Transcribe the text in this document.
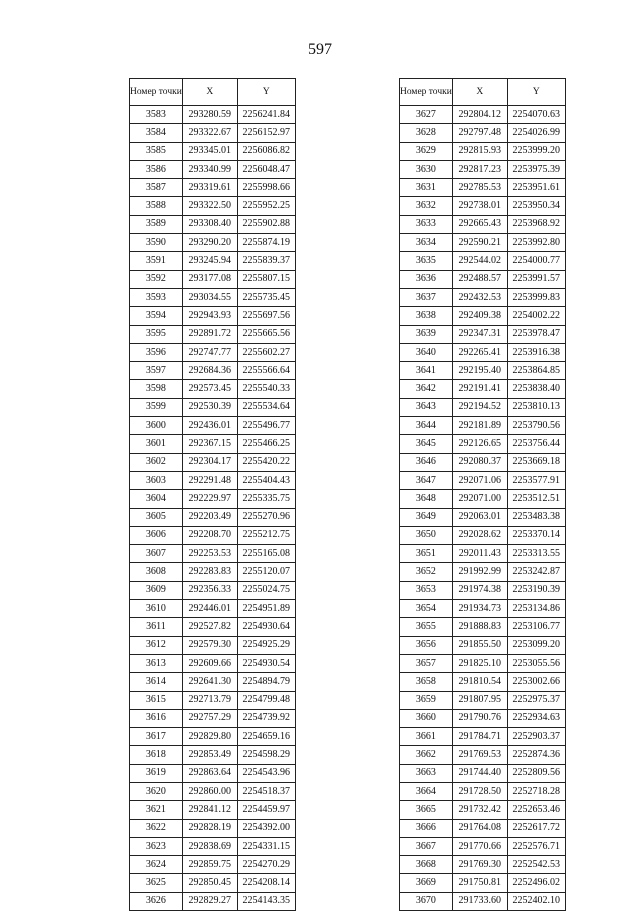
597
Номер точки	X	Y
3583	293280.59	2256241.84
3584	293322.67	2256152.97
3585	293345.01	2256086.82
3586	293340.99	2256048.47
3587	293319.61	2255998.66
3588	293322.50	2255952.25
3589	293308.40	2255902.88
3590	293290.20	2255874.19
3591	293245.94	2255839.37
3592	293177.08	2255807.15
3593	293034.55	2255735.45
3594	292943.93	2255697.56
3595	292891.72	2255665.56
3596	292747.77	2255602.27
3597	292684.36	2255566.64
3598	292573.45	2255540.33
3599	292530.39	2255534.64
3600	292436.01	2255496.77
3601	292367.15	2255466.25
3602	292304.17	2255420.22
3603	292291.48	2255404.43
3604	292229.97	2255335.75
3605	292203.49	2255270.96
3606	292208.70	2255212.75
3607	292253.53	2255165.08
3608	292283.83	2255120.07
3609	292356.33	2255024.75
3610	292446.01	2254951.89
3611	292527.82	2254930.64
3612	292579.30	2254925.29
3613	292609.66	2254930.54
3614	292641.30	2254894.79
3615	292713.79	2254799.48
3616	292757.29	2254739.92
3617	292829.80	2254659.16
3618	292853.49	2254598.29
3619	292863.64	2254543.96
3620	292860.00	2254518.37
3621	292841.12	2254459.97
3622	292828.19	2254392.00
3623	292838.69	2254331.15
3624	292859.75	2254270.29
3625	292850.45	2254208.14
3626	292829.27	2254143.35
Номер точки	X	Y
3627	292804.12	2254070.63
3628	292797.48	2254026.99
3629	292815.93	2253999.20
3630	292817.23	2253975.39
3631	292785.53	2253951.61
3632	292738.01	2253950.34
3633	292665.43	2253968.92
3634	292590.21	2253992.80
3635	292544.02	2254000.77
3636	292488.57	2253991.57
3637	292432.53	2253999.83
3638	292409.38	2254002.22
3639	292347.31	2253978.47
3640	292265.41	2253916.38
3641	292195.40	2253864.85
3642	292191.41	2253838.40
3643	292194.52	2253810.13
3644	292181.89	2253790.56
3645	292126.65	2253756.44
3646	292080.37	2253669.18
3647	292071.06	2253577.91
3648	292071.00	2253512.51
3649	292063.01	2253483.38
3650	292028.62	2253370.14
3651	292011.43	2253313.55
3652	291992.99	2253242.87
3653	291974.38	2253190.39
3654	291934.73	2253134.86
3655	291888.83	2253106.77
3656	291855.50	2253099.20
3657	291825.10	2253055.56
3658	291810.54	2253002.66
3659	291807.95	2252975.37
3660	291790.76	2252934.63
3661	291784.71	2252903.37
3662	291769.53	2252874.36
3663	291744.40	2252809.56
3664	291728.50	2252718.28
3665	291732.42	2252653.46
3666	291764.08	2252617.72
3667	291770.66	2252576.71
3668	291769.30	2252542.53
3669	291750.81	2252496.02
3670	291733.60	2252402.10
